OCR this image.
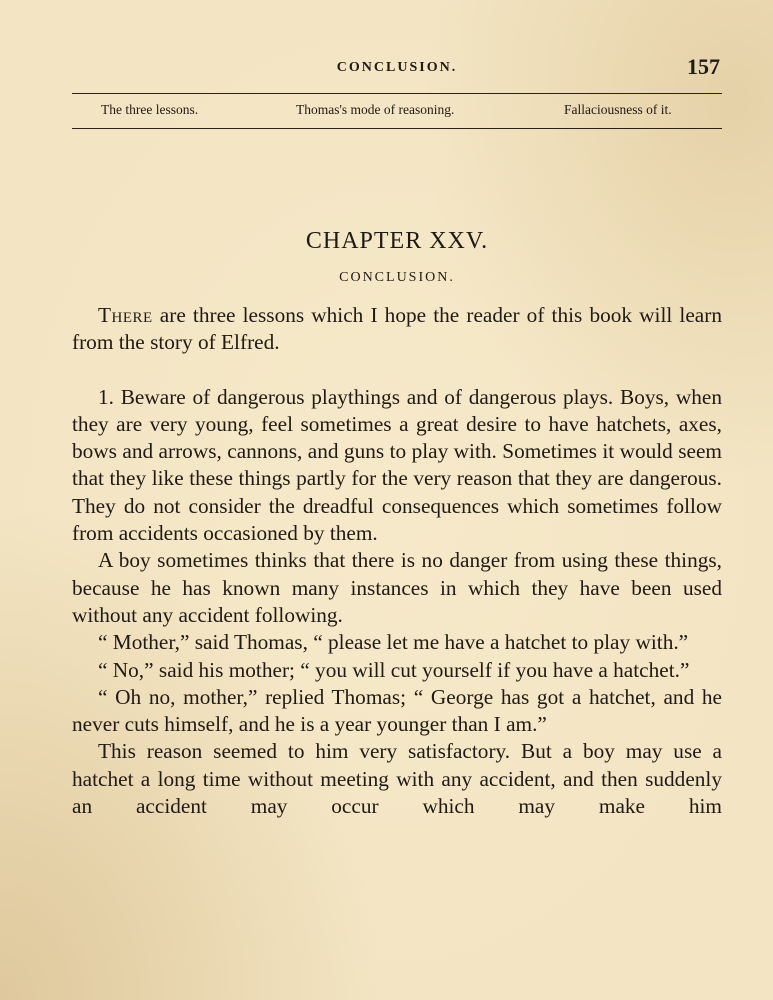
CONCLUSION.	157
The three lessons.	Thomas's mode of reasoning.	Fallaciousness of it.
CHAPTER XXV.
CONCLUSION.

There are three lessons which I hope the reader of this book will learn from the story of Elfred.

1. Beware of dangerous playthings and of dangerous plays. Boys, when they are very young, feel sometimes a great desire to have hatchets, axes, bows and arrows, cannons, and guns to play with. Sometimes it would seem that they like these things partly for the very reason that they are dangerous. They do not consider the dreadful consequences which sometimes follow from accidents occasioned by them.

A boy sometimes thinks that there is no danger from using these things, because he has known many instances in which they have been used without any accident following.

“ Mother,” said Thomas, “ please let me have a hatchet to play with.”

“ No,” said his mother; “ you will cut yourself if you have a hatchet.”

“ Oh no, mother,” replied Thomas; “ George has got a hatchet, and he never cuts himself, and he is a year younger than I am.”

This reason seemed to him very satisfactory. But a boy may use a hatchet a long time without meeting with any accident, and then suddenly an accident may occur which may make him
